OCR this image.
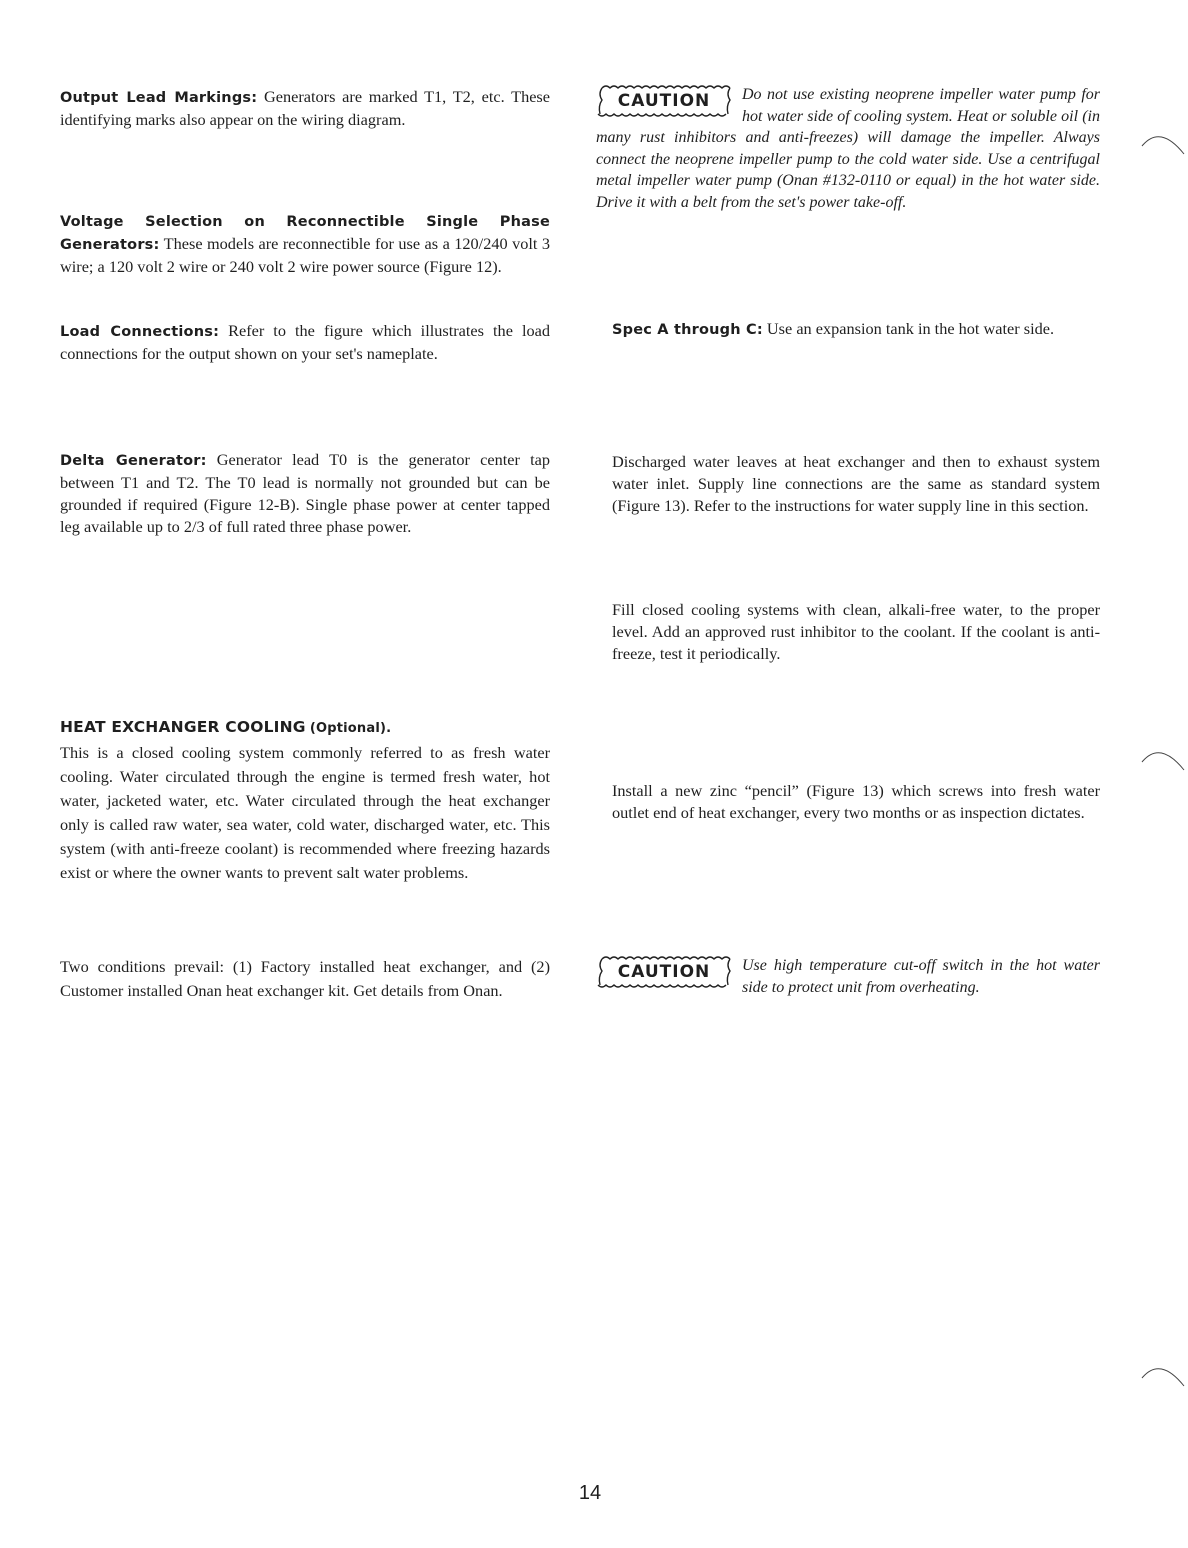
Output Lead Markings: Generators are marked T1, T2, etc. These identifying marks also appear on the wiring diagram.
Voltage Selection on Reconnectible Single Phase Generators: These models are reconnectible for use as a 120/240 volt 3 wire; a 120 volt 2 wire or 240 volt 2 wire power source (Figure 12).
Load Connections: Refer to the figure which illustrates the load connections for the output shown on your set's nameplate.
Delta Generator: Generator lead T0 is the generator center tap between T1 and T2. The T0 lead is normally not grounded but can be grounded if required (Figure 12-B). Single phase power at center tapped leg available up to 2/3 of full rated three phase power.
HEAT EXCHANGER COOLING (Optional).
This is a closed cooling system commonly referred to as fresh water cooling. Water circulated through the engine is termed fresh water, hot water, jacketed water, etc. Water circulated through the heat exchanger only is called raw water, sea water, cold water, discharged water, etc. This system (with anti-freeze coolant) is recommended where freezing hazards exist or where the owner wants to prevent salt water problems.
Two conditions prevail: (1) Factory installed heat exchanger, and (2) Customer installed Onan heat exchanger kit. Get details from Onan.
CAUTION	Do not use existing neoprene impeller water pump for hot water side of cooling system. Heat or soluble oil (in many rust inhibitors and anti-freezes) will damage the impeller. Always connect the neoprene impeller pump to the cold water side. Use a centrifugal metal impeller water pump (Onan #132-0110 or equal) in the hot water side. Drive it with a belt from the set's power take-off.
Spec A through C: Use an expansion tank in the hot water side.
Discharged water leaves at heat exchanger and then to exhaust system water inlet. Supply line connections are the same as standard system (Figure 13). Refer to the instructions for water supply line in this section.
Fill closed cooling systems with clean, alkali-free water, to the proper level. Add an approved rust inhibitor to the coolant. If the coolant is anti-freeze, test it periodically.
Install a new zinc “pencil” (Figure 13) which screws into fresh water outlet end of heat exchanger, every two months or as inspection dictates.
CAUTION	Use high temperature cut-off switch in the hot water side to protect unit from overheating.
14
